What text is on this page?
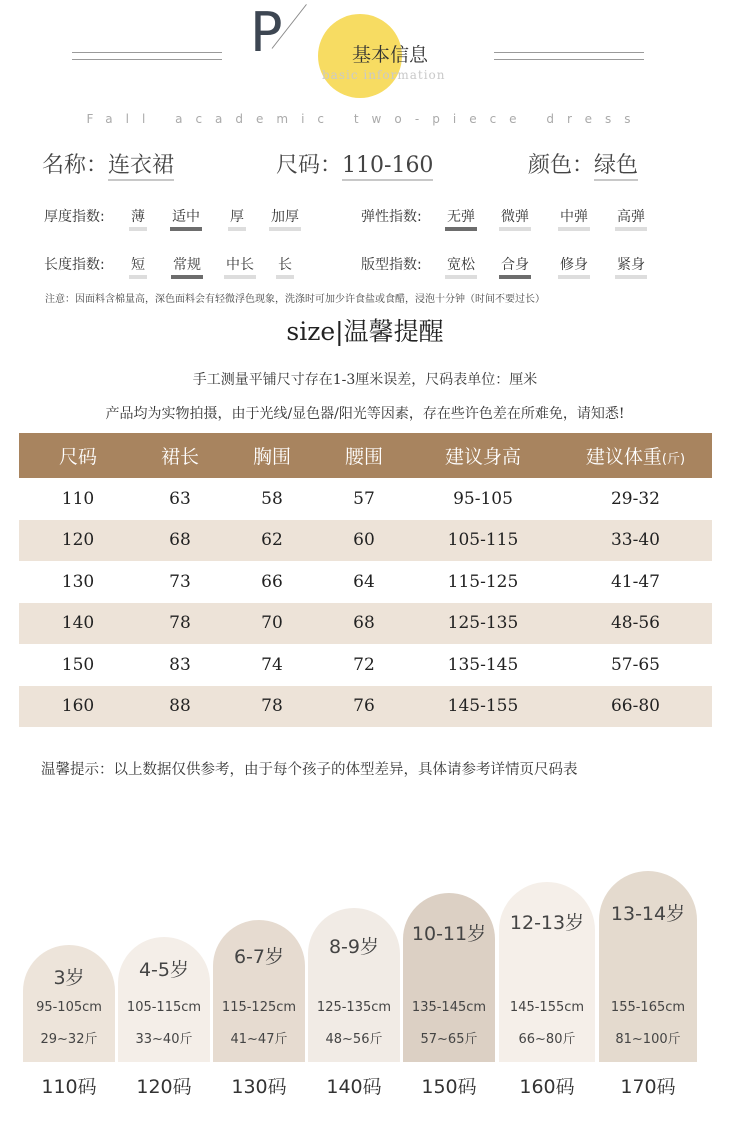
P	基本信息
basic information
Fall academic two-piece dress
名称：连衣裙	尺码：110-160	颜色：绿色
厚度指数: 薄 适中 厚 加厚	弹性指数: 无弹 微弹 中弹 高弹
长度指数: 短 常规 中长 长	版型指数: 宽松 合身 修身 紧身
注意：因面料含棉量高，深色面料会有轻微浮色现象，洗涤时可加少许食盐或食醋，浸泡十分钟（时间不要过长）
size|温馨提醒
手工测量平铺尺寸存在1-3厘米误差，尺码表单位：厘米
产品均为实物拍摄，由于光线/显色器/阳光等因素，存在些许色差在所难免，请知悉!
尺码	裙长	胸围	腰围	建议身高	建议体重(斤)
110	63	58	57	95-105	29-32
120	68	62	60	105-115	33-40
130	73	66	64	115-125	41-47
140	78	70	68	125-135	48-56
150	83	74	72	135-145	57-65
160	88	78	76	145-155	66-80
温馨提示：以上数据仅供参考，由于每个孩子的体型差异，具体请参考详情页尺码表
3岁
95-105cm
29~32斤
110码
4-5岁
105-115cm
33~40斤
120码
6-7岁
115-125cm
41~47斤
130码
8-9岁
125-135cm
48~56斤
140码
10-11岁
135-145cm
57~65斤
150码
12-13岁
145-155cm
66~80斤
160码
13-14岁
155-165cm
81~100斤
170码
